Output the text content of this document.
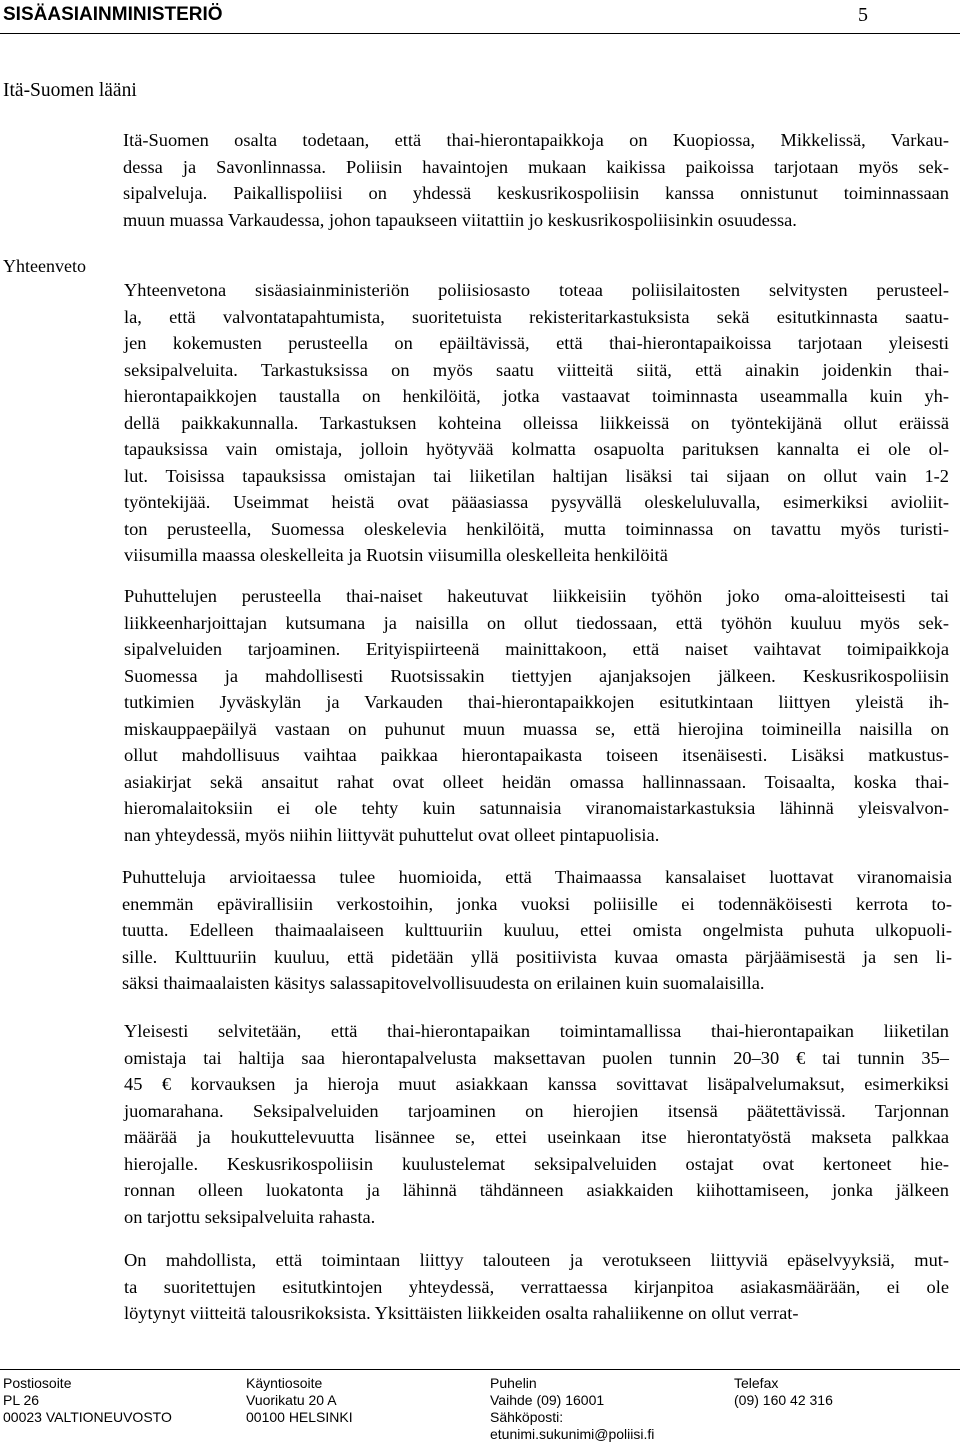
SISÄASIAINMINISTERIÖ	5
Itä-Suomen lääni
Yhteenveto
Itä-Suomen osalta todetaan, että thai-hierontapaikkoja on Kuopiossa, Mikkelissä, Varkau-
dessa ja Savonlinnassa. Poliisin havaintojen mukaan kaikissa paikoissa tarjotaan myös sek-
sipalveluja. Paikallispoliisi on yhdessä keskusrikospoliisin kanssa onnistunut toiminnassaan
muun muassa Varkaudessa, johon tapaukseen viitattiin jo keskusrikospoliisinkin osuudessa.
Yhteenvetona sisäasiainministeriön poliisiosasto toteaa poliisilaitosten selvitysten perusteel-
la, että valvontatapahtumista, suoritetuista rekisteritarkastuksista sekä esitutkinnasta saatu-
jen kokemusten perusteella on epäiltävissä, että thai-hierontapaikoissa tarjotaan yleisesti
seksipalveluita. Tarkastuksissa on myös saatu viitteitä siitä, että ainakin joidenkin thai-
hierontapaikkojen taustalla on henkilöitä, jotka vastaavat toiminnasta useammalla kuin yh-
dellä paikkakunnalla. Tarkastuksen kohteina olleissa liikkeissä on työntekijänä ollut eräissä
tapauksissa vain omistaja, jolloin hyötyvää kolmatta osapuolta parituksen kannalta ei ole ol-
lut. Toisissa tapauksissa omistajan tai liiketilan haltijan lisäksi tai sijaan on ollut vain 1-2
työntekijää. Useimmat heistä ovat pääasiassa pysyvällä oleskeluluvalla, esimerkiksi avioliit-
ton perusteella, Suomessa oleskelevia henkilöitä, mutta toiminnassa on tavattu myös turisti-
viisumilla maassa oleskelleita ja Ruotsin viisumilla oleskelleita henkilöitä
Puhuttelujen perusteella thai-naiset hakeutuvat liikkeisiin työhön joko oma-aloitteisesti tai
liikkeenharjoittajan kutsumana ja naisilla on ollut tiedossaan, että työhön kuuluu myös sek-
sipalveluiden tarjoaminen. Erityispiirteenä mainittakoon, että naiset vaihtavat toimipaikkoja
Suomessa ja mahdollisesti Ruotsissakin tiettyjen ajanjaksojen jälkeen. Keskusrikospoliisin
tutkimien Jyväskylän ja Varkauden thai-hierontapaikkojen esitutkintaan liittyen yleistä ih-
miskauppaepäilyä vastaan on puhunut muun muassa se, että hierojina toimineilla naisilla on
ollut mahdollisuus vaihtaa paikkaa hierontapaikasta toiseen itsenäisesti. Lisäksi matkustus-
asiakirjat sekä ansaitut rahat ovat olleet heidän omassa hallinnassaan. Toisaalta, koska thai-
hieromalaitoksiin ei ole tehty kuin satunnaisia viranomaistarkastuksia lähinnä yleisvalvon-
nan yhteydessä, myös niihin liittyvät puhuttelut ovat olleet pintapuolisia.
Puhutteluja arvioitaessa tulee huomioida, että Thaimaassa kansalaiset luottavat viranomaisia
enemmän epävirallisiin verkostoihin, jonka vuoksi poliisille ei todennäköisesti kerrota to-
tuutta. Edelleen thaimaalaiseen kulttuuriin kuuluu, ettei omista ongelmista puhuta ulkopuoli-
sille. Kulttuuriin kuuluu, että pidetään yllä positiivista kuvaa omasta pärjäämisestä ja sen li-
säksi thaimaalaisten käsitys salassapitovelvollisuudesta on erilainen kuin suomalaisilla.
Yleisesti selvitetään, että thai-hierontapaikan toimintamallissa thai-hierontapaikan liiketilan
omistaja tai haltija saa hierontapalvelusta maksettavan puolen tunnin 20–30 € tai tunnin 35–
45 € korvauksen ja hieroja muut asiakkaan kanssa sovittavat lisäpalvelumaksut, esimerkiksi
juomarahana. Seksipalveluiden tarjoaminen on hierojien itsensä päätettävissä. Tarjonnan
määrää ja houkuttelevuutta lisännee se, ettei useinkaan itse hierontatyöstä makseta palkkaa
hierojalle. Keskusrikospoliisin kuulustelemat seksipalveluiden ostajat ovat kertoneet hie-
ronnan olleen luokatonta ja lähinnä tähdänneen asiakkaiden kiihottamiseen, jonka jälkeen
on tarjottu seksipalveluita rahasta.
On mahdollista, että toimintaan liittyy talouteen ja verotukseen liittyviä epäselvyyksiä, mut-
ta suoritettujen esitutkintojen yhteydessä, verrattaessa kirjanpitoa asiakasmäärään, ei ole
löytynyt viitteitä talousrikoksista. Yksittäisten liikkeiden osalta rahaliikenne on ollut verrat-
Postiosoite
PL 26
00023 VALTIONEUVOSTO
Käyntiosoite
Vuorikatu 20 A
00100 HELSINKI
Puhelin
Vaihde (09) 16001
Sähköposti:
etunimi.sukunimi@poliisi.fi
Telefax
(09) 160 42 316
